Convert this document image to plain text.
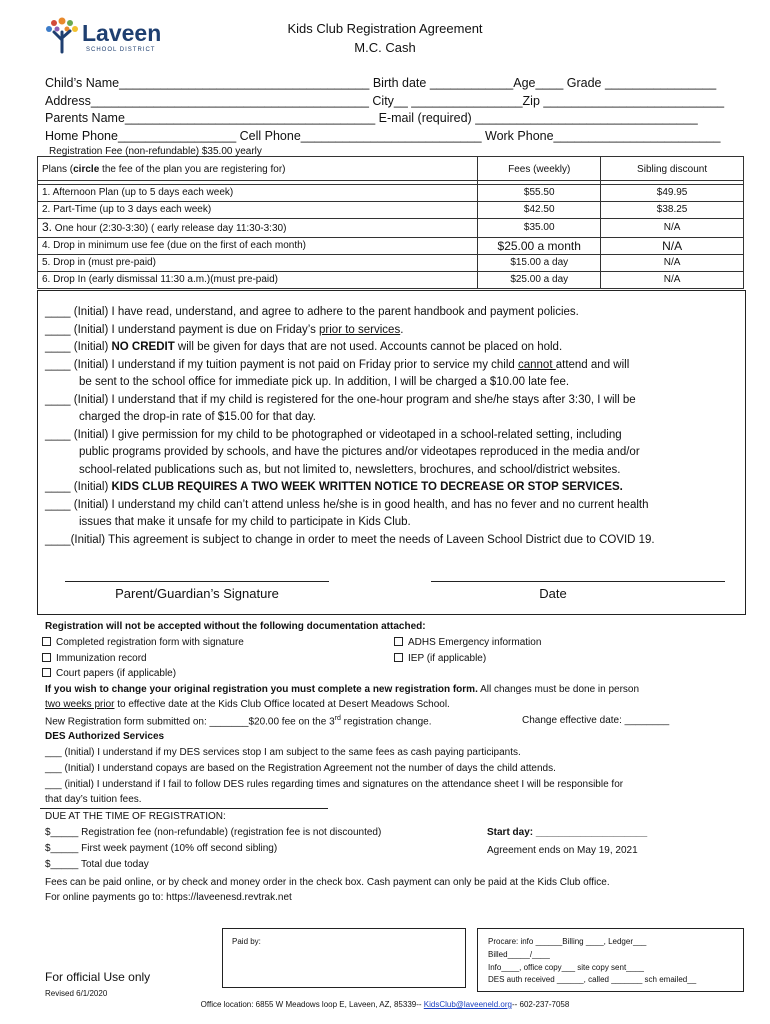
Laveen
SCHOOL DISTRICT
Kids Club Registration Agreement
M.C. Cash
Child’s Name____________________________________ Birth date ____________Age____ Grade ________________
Address________________________________________ City__ ________________Zip __________________________
Parents Name____________________________________ E-mail (required) ________________________________
Home Phone_________________ Cell Phone__________________________ Work Phone________________________
Registration Fee (non-refundable) $35.00 yearly
Plans (circle the fee of the plan you are registering for)	Fees (weekly)	Sibling discount

1. Afternoon Plan (up to 5 days each week)	$55.50	$49.95
2. Part-Time (up to 3 days each week)	$42.50	$38.25
3. One hour (2:30-3:30) ( early release day 11:30-3:30)	$35.00	N/A
4. Drop in minimum use fee (due on the first of each month)	$25.00 a month	N/A
5. Drop in (must pre-paid)	$15.00 a day	N/A
6. Drop In (early dismissal 11:30 a.m.)(must pre-paid)	$25.00 a day	N/A
____ (Initial) I have read, understand, and agree to adhere to the parent handbook and payment policies.
____ (Initial) I understand payment is due on Friday’s prior to services.
____ (Initial) NO CREDIT will be given for days that are not used. Accounts cannot be placed on hold.
____ (Initial) I understand if my tuition payment is not paid on Friday prior to service my child cannot attend and will
be sent to the school office for immediate pick up. In addition, I will be charged a $10.00 late fee.
____ (Initial) I understand that if my child is registered for the one-hour program and she/he stays after 3:30, I will be
charged the drop-in rate of $15.00 for that day.
____ (Initial) I give permission for my child to be photographed or videotaped in a school-related setting, including
public programs provided by schools, and have the pictures and/or videotapes reproduced in the media and/or
school-related publications such as, but not limited to, newsletters, brochures, and school/district websites.
____ (Initial) KIDS CLUB REQUIRES A TWO WEEK WRITTEN NOTICE TO DECREASE OR STOP SERVICES.
____ (Initial) I understand my child can’t attend unless he/she is in good health, and has no fever and no current health
issues that make it unsafe for my child to participate in Kids Club.
____(Initial) This agreement is subject to change in order to meet the needs of Laveen School District due to COVID 19.
Parent/Guardian’s Signature	Date
Registration will not be accepted without the following documentation attached:
Completed registration form with signature
Immunization record
Court papers (if applicable)
ADHS Emergency information
IEP (if applicable)
If you wish to change your original registration you must complete a new registration form. All changes must be done in person
two weeks prior to effective date at the Kids Club Office located at Desert Meadows School.
New Registration form submitted on: _______$20.00 fee on the 3rd registration change.	Change effective date: ________
DES Authorized Services
___ (Initial) I understand if my DES services stop I am subject to the same fees as cash paying participants.
___ (Initial) I understand copays are based on the Registration Agreement not the number of days the child attends.
___ (initial) I understand if I fail to follow DES rules regarding times and signatures on the attendance sheet I will be responsible for
that day’s tuition fees.
DUE AT THE TIME OF REGISTRATION:
$_____ Registration fee (non-refundable) (registration fee is not discounted)
$_____ First week payment (10% off second sibling)
$_____ Total due today
Start day: ____________________
Agreement ends on May 19, 2021
Fees can be paid online, or by check and money order in the check box. Cash payment can only be paid at the Kids Club office.
For online payments go to: https://laveenesd.revtrak.net
Paid by:	Procare: info ______Billing ____, Ledger___
Billed_____/____
Info____, office copy___ site copy sent____
DES auth received ______, called _______ sch emailed__
For official Use only
Revised 6/1/2020
Office location: 6855 W Meadows loop E, Laveen, AZ, 85339-- KidsClub@laveeneld.org-- 602-237-7058
